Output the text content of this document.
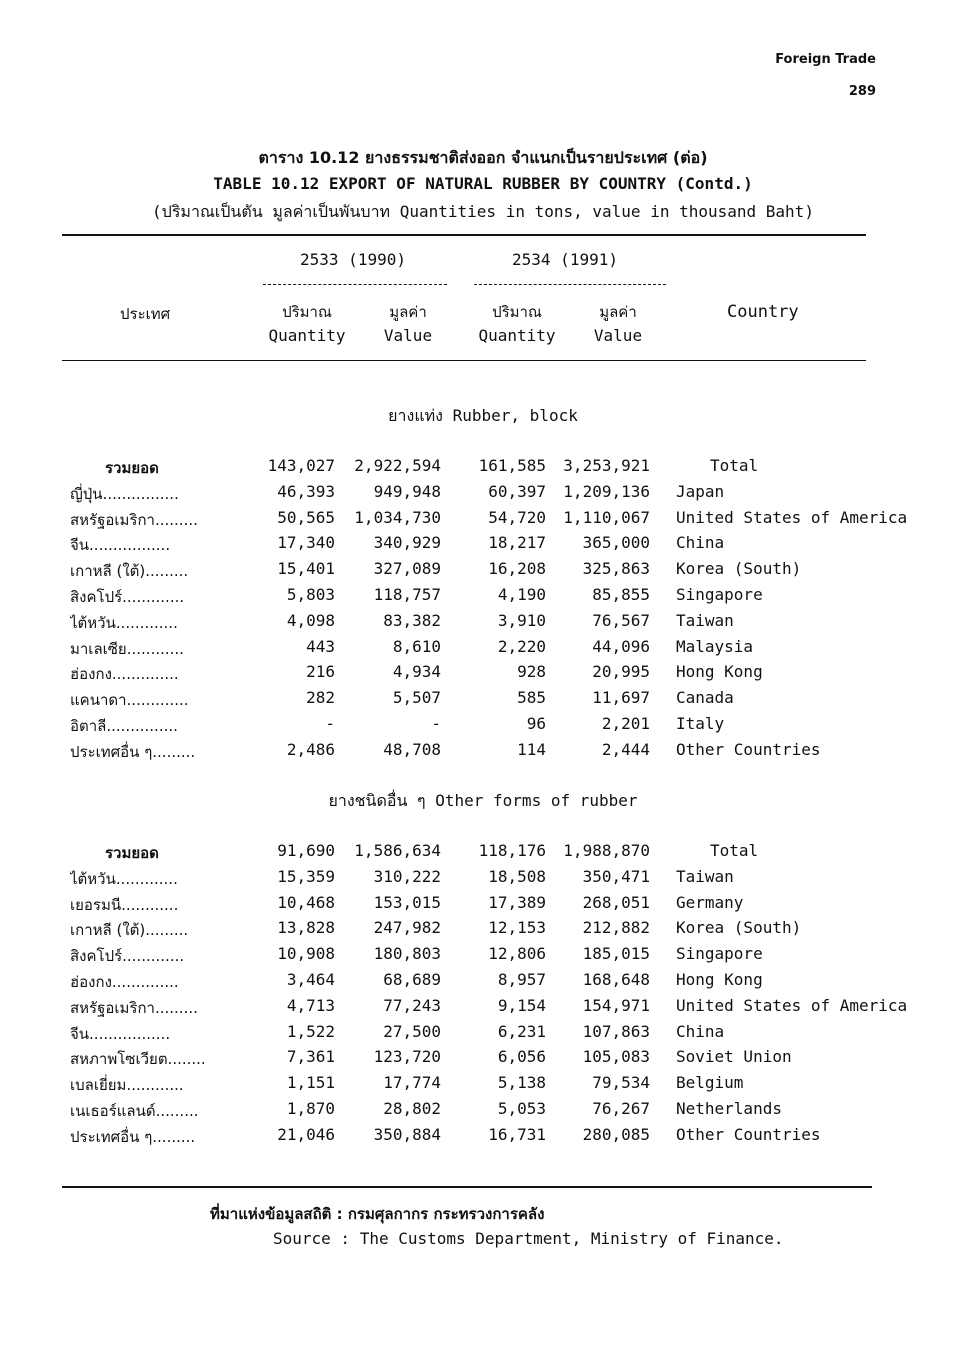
Foreign Trade
289
ตาราง 10.12 ยางธรรมชาติส่งออก จำแนกเป็นรายประเทศ (ต่อ)
TABLE 10.12 EXPORT OF NATURAL RUBBER BY COUNTRY (Contd.)
(ปริมาณเป็นตัน มูลค่าเป็นพันบาท Quantities in tons, value in thousand Baht)
2533 (1990)	2534 (1991)
ประเทศ	ปริมาณ
Quantity
มูลค่า
Value
ปริมาณ
Quantity
มูลค่า
Value
Country
ยางแท่ง Rubber, block
รวมยอด	143,027 2,922,594 161,585 3,253,921	Total
ญี่ปุ่น................	46,393 949,948	60,397 1,209,136 Japan
สหรัฐอเมริกา.........	50,565 1,034,730	54,720 1,110,067 United States of America
จีน.................	17,340 340,929	18,217 365,000 China
เกาหลี (ใต้).........	15,401 327,089	16,208 325,863 Korea (South)
สิงคโปร์.............	5,803 118,757	4,190	85,855 Singapore
ไต้หวัน.............	4,098	83,382	3,910	76,567 Taiwan
มาเลเซีย............	443	8,610	2,220	44,096 Malaysia
ฮ่องกง..............	216	4,934	928	20,995 Hong Kong
แคนาดา.............	282	5,507	585	11,697 Canada
อิตาลี...............	-	-	96	2,201 Italy
ประเทศอื่น ๆ.........	2,486	48,708	114	2,444 Other Countries
ยางชนิดอื่น ๆ Other forms of rubber
รวมยอด	91,690 1,586,634 118,176 1,988,870	Total
ไต้หวัน.............	15,359 310,222	18,508 350,471 Taiwan
เยอรมนี............	10,468 153,015	17,389 268,051 Germany
เกาหลี (ใต้).........	13,828 247,982	12,153 212,882 Korea (South)
สิงคโปร์.............	10,908 180,803	12,806 185,015 Singapore
ฮ่องกง..............	3,464	68,689	8,957 168,648 Hong Kong
สหรัฐอเมริกา.........	4,713	77,243	9,154 154,971 United States of America
จีน.................	1,522	27,500	6,231 107,863 China
สหภาพโซเวียต........	7,361 123,720	6,056 105,083 Soviet Union
เบลเยี่ยม............	1,151	17,774	5,138	79,534 Belgium
เนเธอร์แลนด์.........	1,870	28,802	5,053	76,267 Netherlands
ประเทศอื่น ๆ.........	21,046 350,884	16,731 280,085 Other Countries
ที่มาแห่งข้อมูลสถิติ : กรมศุลกากร กระทรวงการคลัง
Source : The Customs Department, Ministry of Finance.
